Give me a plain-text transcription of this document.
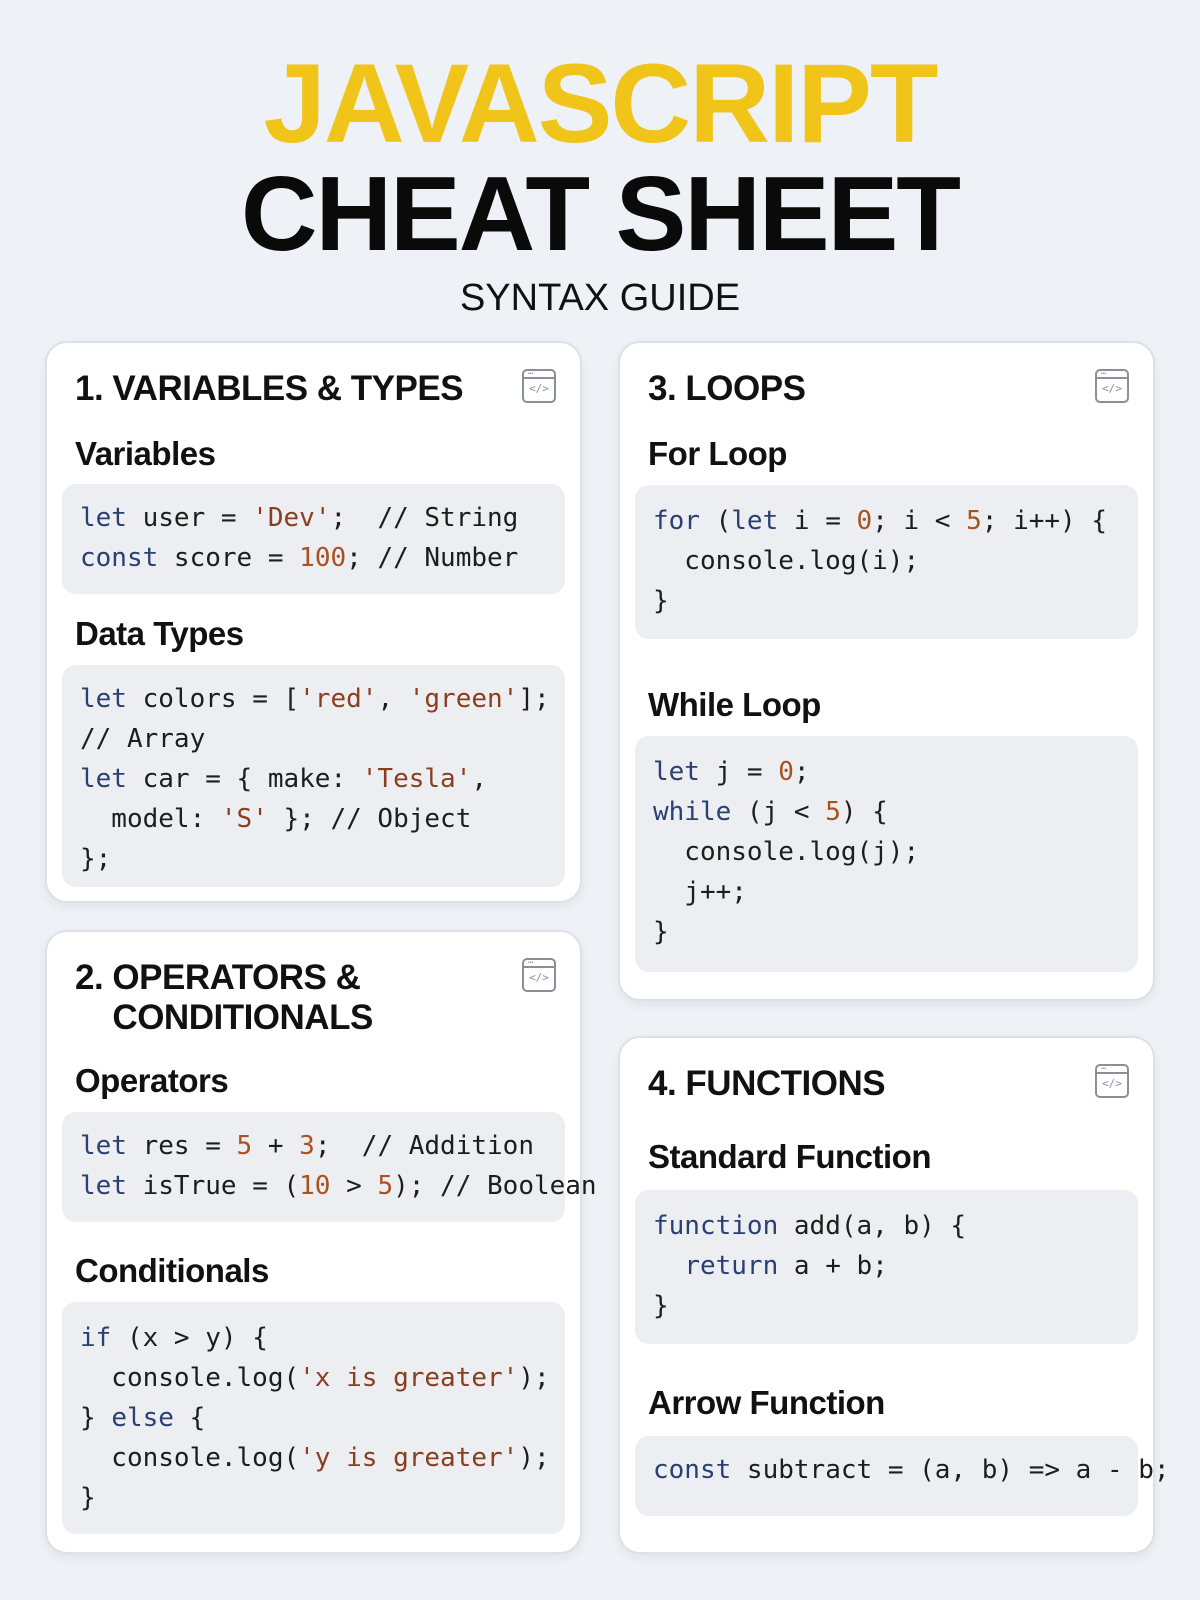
JAVASCRIPT
CHEAT SHEET
SYNTAX GUIDE
1. VARIABLES & TYPES	•••
</>
Variables
let user = 'Dev';  // String
const score = 100; // Number
Data Types
let colors = ['red', 'green'];
// Array
let car = { make: 'Tesla',
model: 'S' }; // Object
};
2. OPERATORS &
CONDITIONALS
•••
</>
Operators
let res = 5 + 3;  // Addition
let isTrue = (10 > 5); // Boolean
Conditionals
if (x > y) {
console.log('x is greater');
} else {
console.log('y is greater');
}
3. LOOPS	•••
</>
For Loop
for (let i = 0; i < 5; i++) {
console.log(i);
}
While Loop
let j = 0;
while (j < 5) {
console.log(j);
j++;
}
4. FUNCTIONS	•••
</>
Standard Function
function add(a, b) {
return a + b;
}
Arrow Function
const subtract = (a, b) => a - b;
